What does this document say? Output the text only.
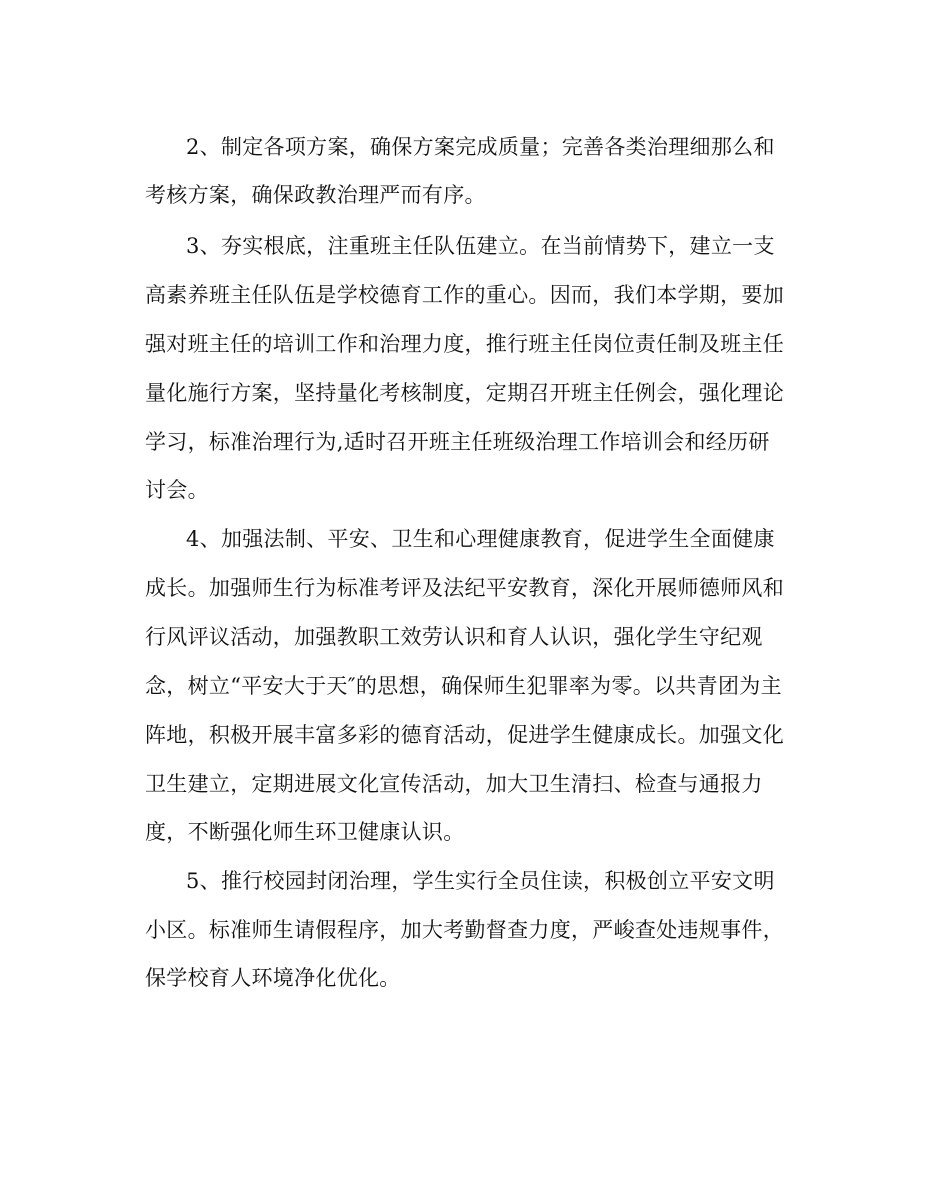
2、制定各项方案，确保方案完成质量；完善各类治理细那么和
考核方案，确保政教治理严而有序。
3、夯实根底，注重班主任队伍建立。在当前情势下，建立一支
高素养班主任队伍是学校德育工作的重心。因而，我们本学期，要加
强对班主任的培训工作和治理力度，推行班主任岗位责任制及班主任
量化施行方案，坚持量化考核制度，定期召开班主任例会，强化理论
学习，标准治理行为,适时召开班主任班级治理工作培训会和经历研
讨会。
4、加强法制、平安、卫生和心理健康教育，促进学生全面健康
成长。加强师生行为标准考评及法纪平安教育，深化开展师德师风和
行风评议活动，加强教职工效劳认识和育人认识，强化学生守纪观
念，树立“平安大于天″的思想，确保师生犯罪率为零。以共青团为主
阵地，积极开展丰富多彩的德育活动，促进学生健康成长。加强文化
卫生建立，定期进展文化宣传活动，加大卫生清扫、检查与通报力
度，不断强化师生环卫健康认识。
5、推行校园封闭治理，学生实行全员住读，积极创立平安文明
小区。标准师生请假程序，加大考勤督查力度，严峻查处违规事件，
保学校育人环境净化优化。
